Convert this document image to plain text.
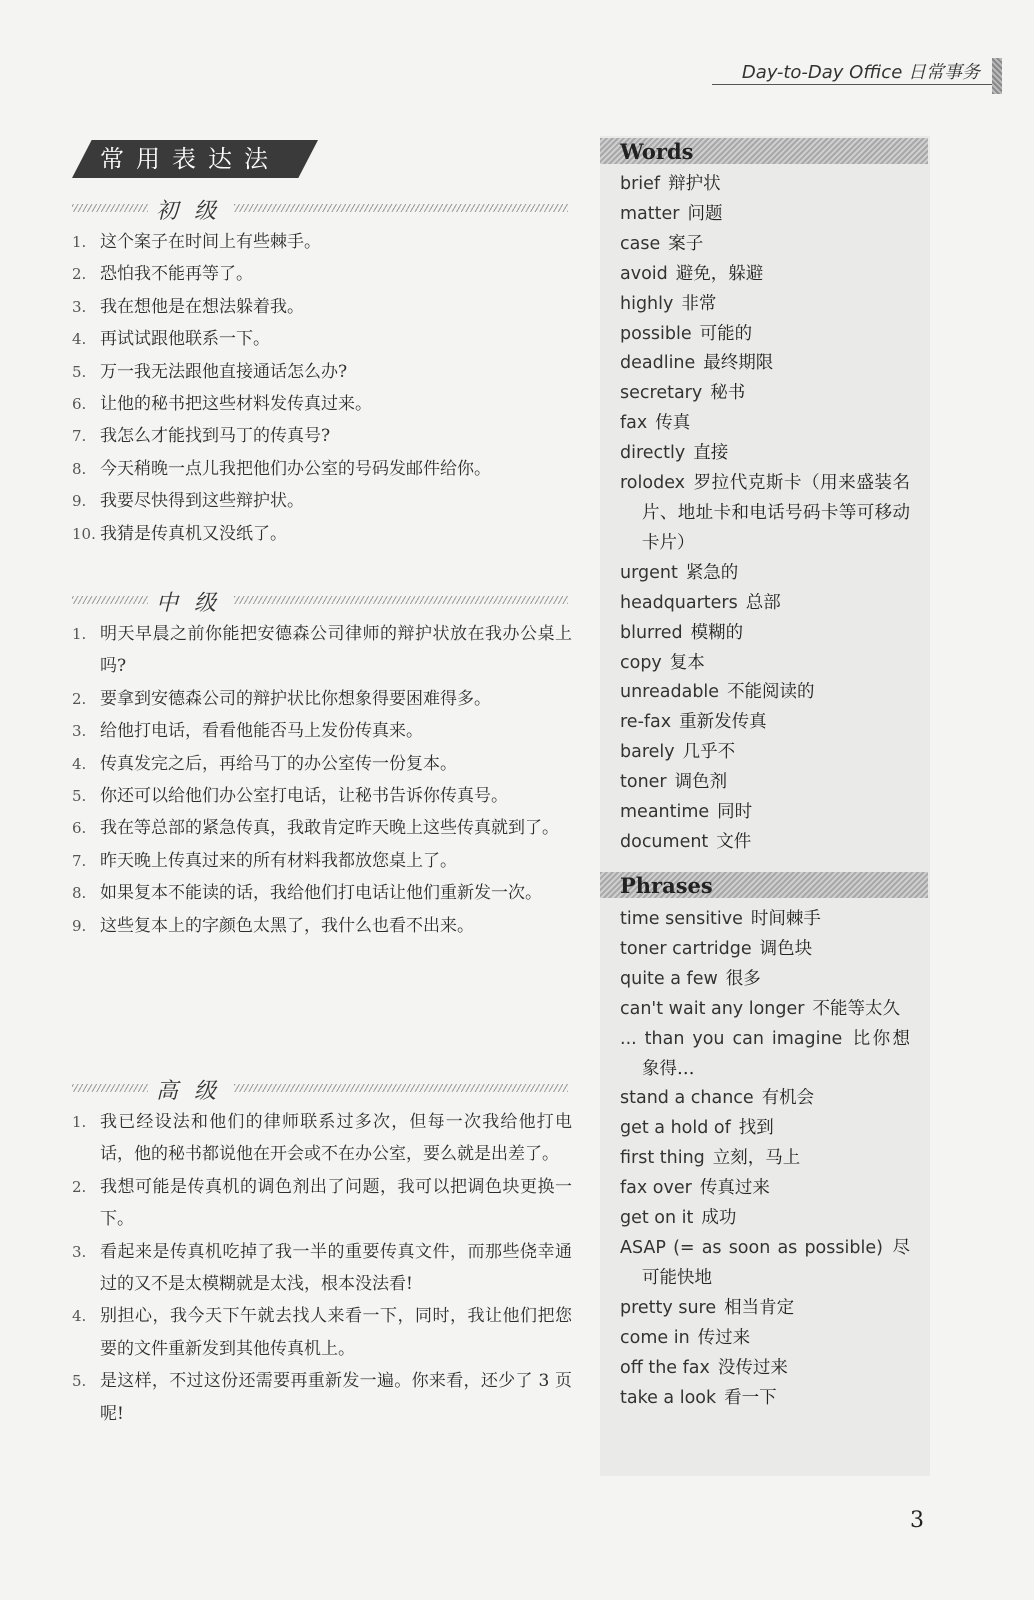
Day-to-Day Office 日常事务
常用表达法
初级
1. 这个案子在时间上有些棘手。
2. 恐怕我不能再等了。
3. 我在想他是在想法躲着我。
4. 再试试跟他联系一下。
5. 万一我无法跟他直接通话怎么办?
6. 让他的秘书把这些材料发传真过来。
7. 我怎么才能找到马丁的传真号?
8. 今天稍晚一点儿我把他们办公室的号码发邮件给你。
9. 我要尽快得到这些辩护状。
10. 我猜是传真机又没纸了。
中级
1. 明天早晨之前你能把安德森公司律师的辩护状放在我办公桌上吗?
2. 要拿到安德森公司的辩护状比你想象得要困难得多。
3. 给他打电话，看看他能否马上发份传真来。
4. 传真发完之后，再给马丁的办公室传一份复本。
5. 你还可以给他们办公室打电话，让秘书告诉你传真号。
6. 我在等总部的紧急传真，我敢肯定昨天晚上这些传真就到了。
7. 昨天晚上传真过来的所有材料我都放您桌上了。
8. 如果复本不能读的话，我给他们打电话让他们重新发一次。
9. 这些复本上的字颜色太黑了，我什么也看不出来。
高级
1. 我已经设法和他们的律师联系过多次，但每一次我给他打电话，他的秘书都说他在开会或不在办公室，要么就是出差了。
2. 我想可能是传真机的调色剂出了问题，我可以把调色块更换一下。
3. 看起来是传真机吃掉了我一半的重要传真文件，而那些侥幸通过的又不是太模糊就是太浅，根本没法看!
4. 别担心，我今天下午就去找人来看一下，同时，我让他们把您要的文件重新发到其他传真机上。
5. 是这样，不过这份还需要再重新发一遍。你来看，还少了 3 页呢!
Words
Phrases
brief 辩护状
matter 问题
case 案子
avoid 避免，躲避
highly 非常
possible 可能的
deadline 最终期限
secretary 秘书
fax 传真
directly 直接
rolodex 罗拉代克斯卡（用来盛装名片、地址卡和电话号码卡等可移动卡片）
urgent 紧急的
headquarters 总部
blurred 模糊的
copy 复本
unreadable 不能阅读的
re-fax 重新发传真
barely 几乎不
toner 调色剂
meantime 同时
document 文件
time sensitive 时间棘手
toner cartridge 调色块
quite a few 很多
can't wait any longer 不能等太久
... than you can imagine 比你想象得…
stand a chance 有机会
get a hold of 找到
first thing 立刻，马上
fax over 传真过来
get on it 成功
ASAP (= as soon as possible) 尽可能快地
pretty sure 相当肯定
come in 传过来
off the fax 没传过来
take a look 看一下
3
